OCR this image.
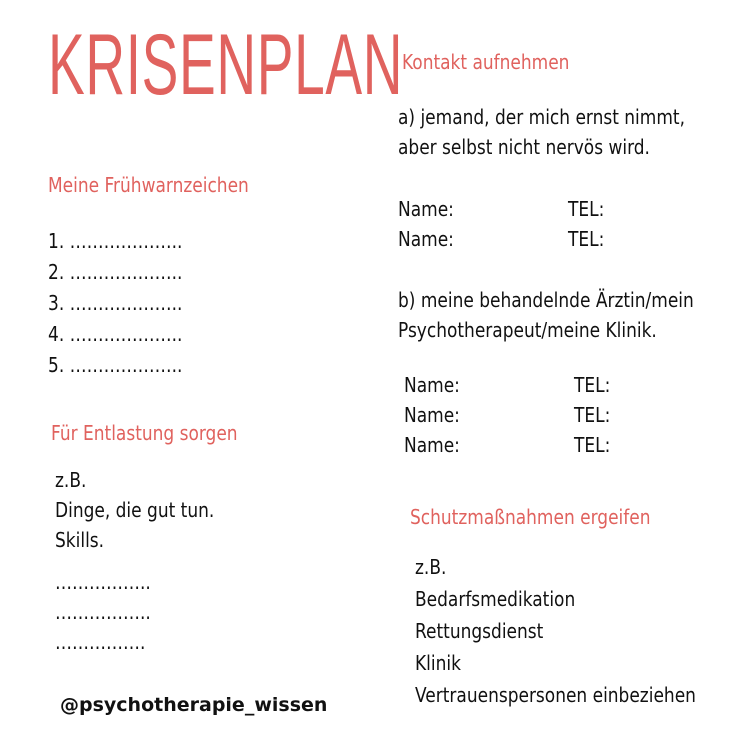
KRISENPLAN
Meine Frühwarnzeichen
1. ………………..
2. ………………..
3. ………………..
4. ………………..
5. ………………..
Für Entlastung sorgen
z.B.
Dinge, die gut tun.
Skills.
……………..
……………..
…………….
@psychotherapie_wissen
Kontakt aufnehmen
a) jemand, der mich ernst nimmt,
aber selbst nicht nervös wird.
Name:	TEL:
Name:	TEL:
b) meine behandelnde Ärztin/mein
Psychotherapeut/meine Klinik.
Name:	TEL:
Name:	TEL:
Name:	TEL:
Schutzmaßnahmen ergeifen
z.B.
Bedarfsmedikation
Rettungsdienst
Klinik
Vertrauenspersonen einbeziehen
